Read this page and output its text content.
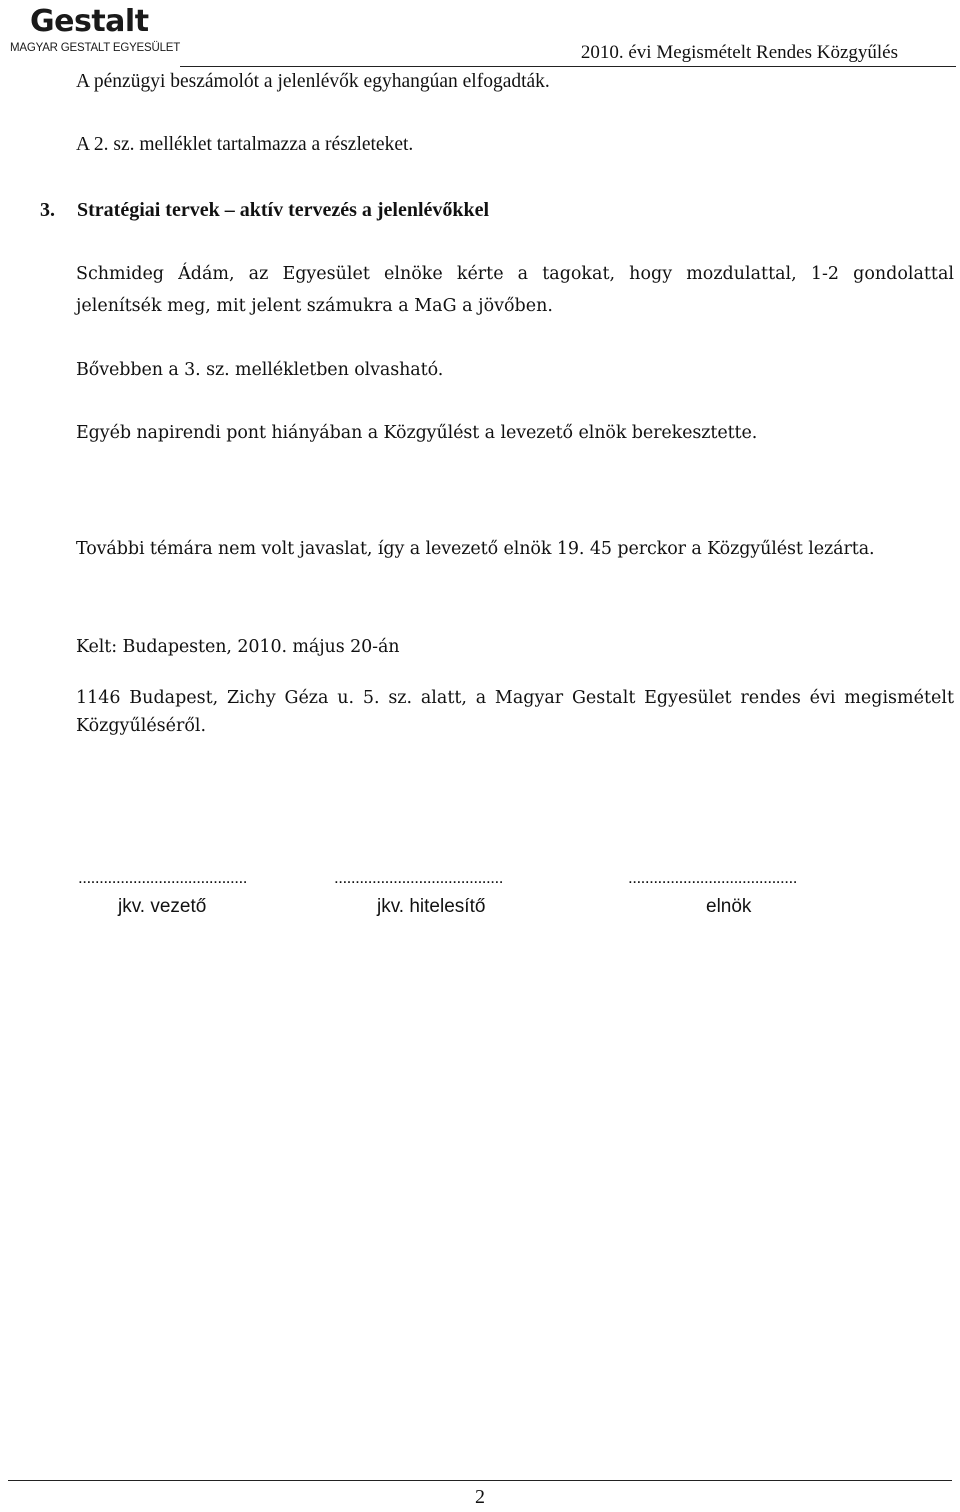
Gestalt
MAGYAR GESTALT EGYESÜLET	2010. évi Megismételt Rendes Közgyűlés
A pénzügyi beszámolót a jelenlévők egyhangúan elfogadták.
A 2. sz. melléklet tartalmazza a részleteket.
3. Stratégiai tervek – aktív tervezés a jelenlévőkkel
Schmideg Ádám, az Egyesület elnöke kérte a tagokat, hogy mozdulattal, 1-2 gondolattal
jelenítsék meg, mit jelent számukra a MaG a jövőben.
Bővebben a 3. sz. mellékletben olvasható.
Egyéb napirendi pont hiányában a Közgyűlést a levezető elnök berekesztette.
További témára nem volt javaslat, így a levezető elnök 19. 45 perckor a Közgyűlést lezárta.
Kelt: Budapesten, 2010. május 20-án
1146 Budapest, Zichy Géza u. 5. sz. alatt, a Magyar Gestalt Egyesület rendes évi megismételt
Közgyűléséről.
........................................	........................................	........................................
jkv. vezető	jkv. hitelesítő	elnök
2
